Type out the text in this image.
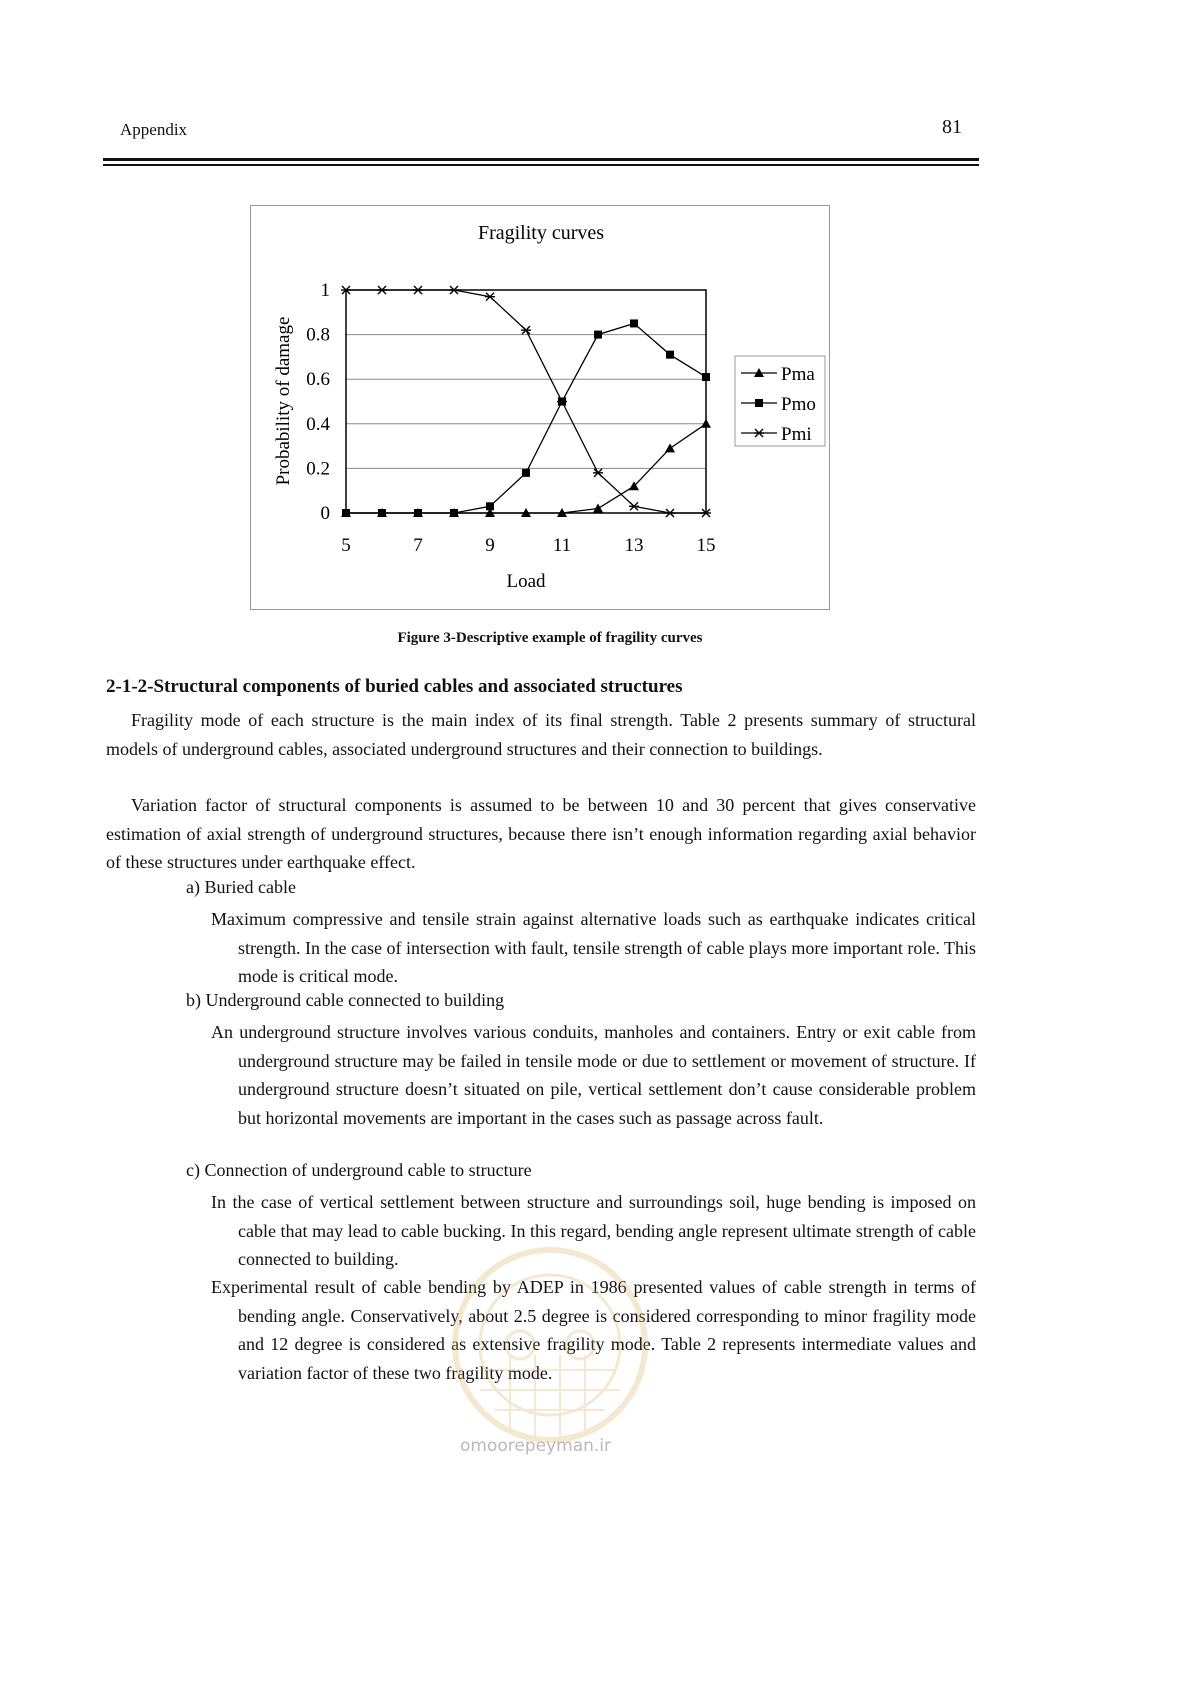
Appendix	81
0
0.2
0.4
0.6
0.8
1
5	7	9	11	13	15
Fragility curves
Load
Probability of damage	Pma
Pmo
Pmi
Figure 3-Descriptive example of fragility curves
2-1-2-Structural components of buried cables and associated structures

Fragility mode of each structure is the main index of its final strength. Table 2 presents summary of structural models of underground cables, associated underground structures and their connection to buildings.

Variation factor of structural components is assumed to be between 10 and 30 percent that gives conservative estimation of axial strength of underground structures, because there isn’t enough information regarding axial behavior of these structures under earthquake effect.

a) Buried cable

Maximum compressive and tensile strain against alternative loads such as earthquake indicates critical strength. In the case of intersection with fault, tensile strength of cable plays more important role. This mode is critical mode.

b) Underground cable connected to building

An underground structure involves various conduits, manholes and containers. Entry or exit cable from underground structure may be failed in tensile mode or due to settlement or movement of structure. If underground structure doesn’t situated on pile, vertical settlement don’t cause considerable problem but horizontal movements are important in the cases such as passage across fault.

c) Connection of underground cable to structure

In the case of vertical settlement between structure and surroundings soil, huge bending is imposed on cable that may lead to cable bucking. In this regard, bending angle represent ultimate strength of cable connected to building.

Experimental result of cable bending by ADEP in 1986 presented values of cable strength in terms of bending angle. Conservatively, about 2.5 degree is considered corresponding to minor fragility mode and 12 degree is considered as extensive fragility mode. Table 2 represents intermediate values and variation factor of these two fragility mode.

omoorepeyman.ir
